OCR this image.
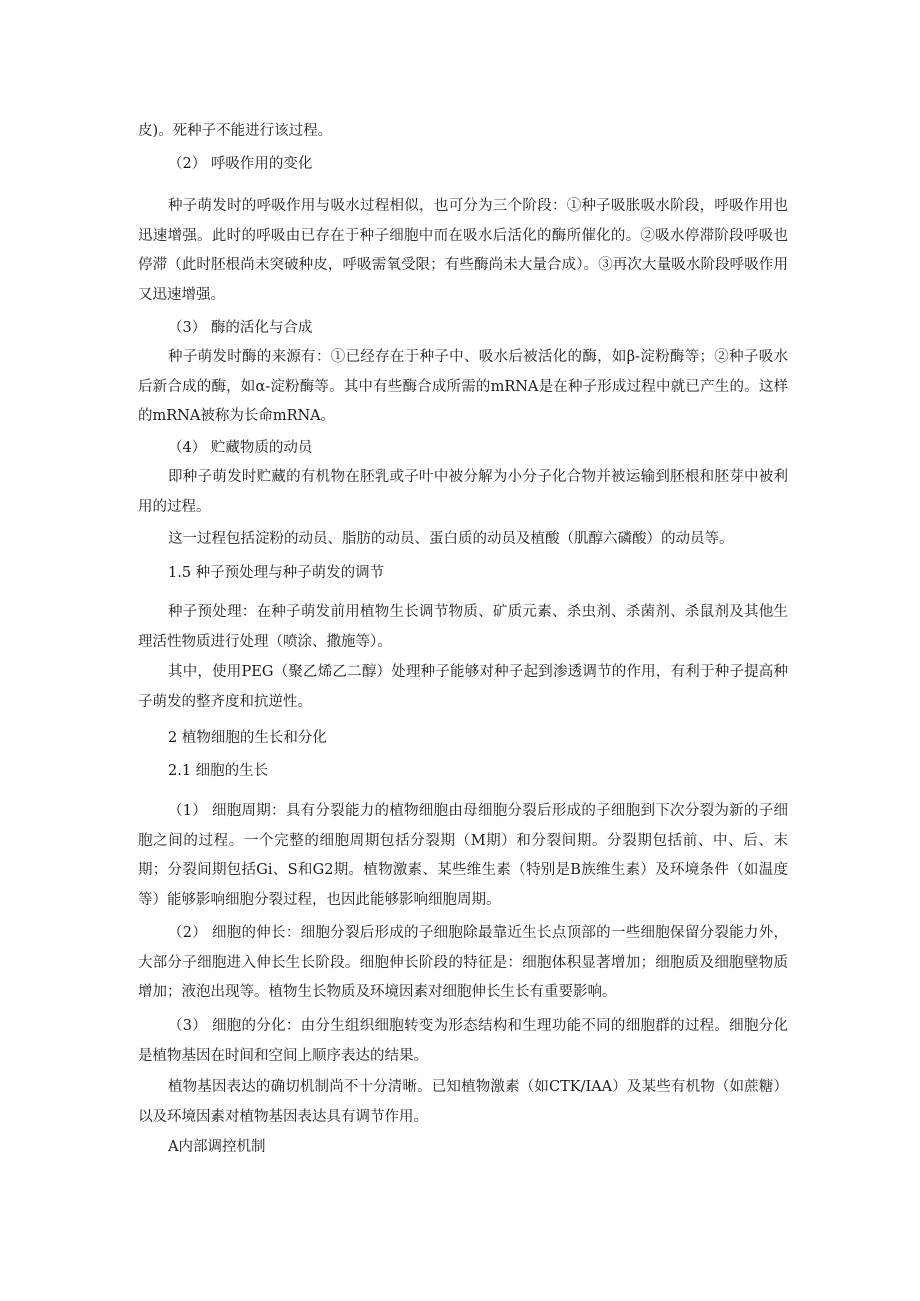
皮)。死种子不能进行该过程。
（2） 呼吸作用的变化
种子萌发时的呼吸作用与吸水过程相似，也可分为三个阶段：①种子吸胀吸水阶段，呼吸作用也迅速增强。此时的呼吸由已存在于种子细胞中而在吸水后活化的酶所催化的。②吸水停滞阶段呼吸也停滞（此时胚根尚未突破种皮，呼吸需氧受限；有些酶尚未大量合成）。③再次大量吸水阶段呼吸作用又迅速增强。
（3） 酶的活化与合成
种子萌发时酶的来源有：①已经存在于种子中、吸水后被活化的酶，如β-淀粉酶等；②种子吸水后新合成的酶，如α-淀粉酶等。其中有些酶合成所需的mRNA是在种子形成过程中就已产生的。这样的mRNA被称为长命mRNA。
（4） 贮藏物质的动员
即种子萌发时贮藏的有机物在胚乳或子叶中被分解为小分子化合物并被运输到胚根和胚芽中被利用的过程。
这一过程包括淀粉的动员、脂肪的动员、蛋白质的动员及植酸（肌醇六磷酸）的动员等。
1.5 种子预处理与种子萌发的调节
种子预处理：在种子萌发前用植物生长调节物质、矿质元素、杀虫剂、杀菌剂、杀鼠剂及其他生理活性物质进行处理（喷涂、撒施等）。
其中，使用PEG（聚乙烯乙二醇）处理种子能够对种子起到渗透调节的作用，有利于种子提高种子萌发的整齐度和抗逆性。
2 植物细胞的生长和分化
2.1 细胞的生长
（1） 细胞周期：具有分裂能力的植物细胞由母细胞分裂后形成的子细胞到下次分裂为新的子细胞之间的过程。一个完整的细胞周期包括分裂期（M期）和分裂间期。分裂期包括前、中、后、末期；分裂间期包括Gi、S和G2期。植物激素、某些维生素（特别是B族维生素）及环境条件（如温度等）能够影响细胞分裂过程，也因此能够影响细胞周期。
（2） 细胞的伸长：细胞分裂后形成的子细胞除最靠近生长点顶部的一些细胞保留分裂能力外，大部分子细胞进入伸长生长阶段。细胞伸长阶段的特征是：细胞体积显著增加；细胞质及细胞壁物质增加；液泡出现等。植物生长物质及环境因素对细胞伸长生长有重要影响。
（3） 细胞的分化：由分生组织细胞转变为形态结构和生理功能不同的细胞群的过程。细胞分化是植物基因在时间和空间上顺序表达的结果。
植物基因表达的确切机制尚不十分清晰。已知植物激素（如CTK/IAA）及某些有机物（如蔗糖）以及环境因素对植物基因表达具有调节作用。
A内部调控机制
